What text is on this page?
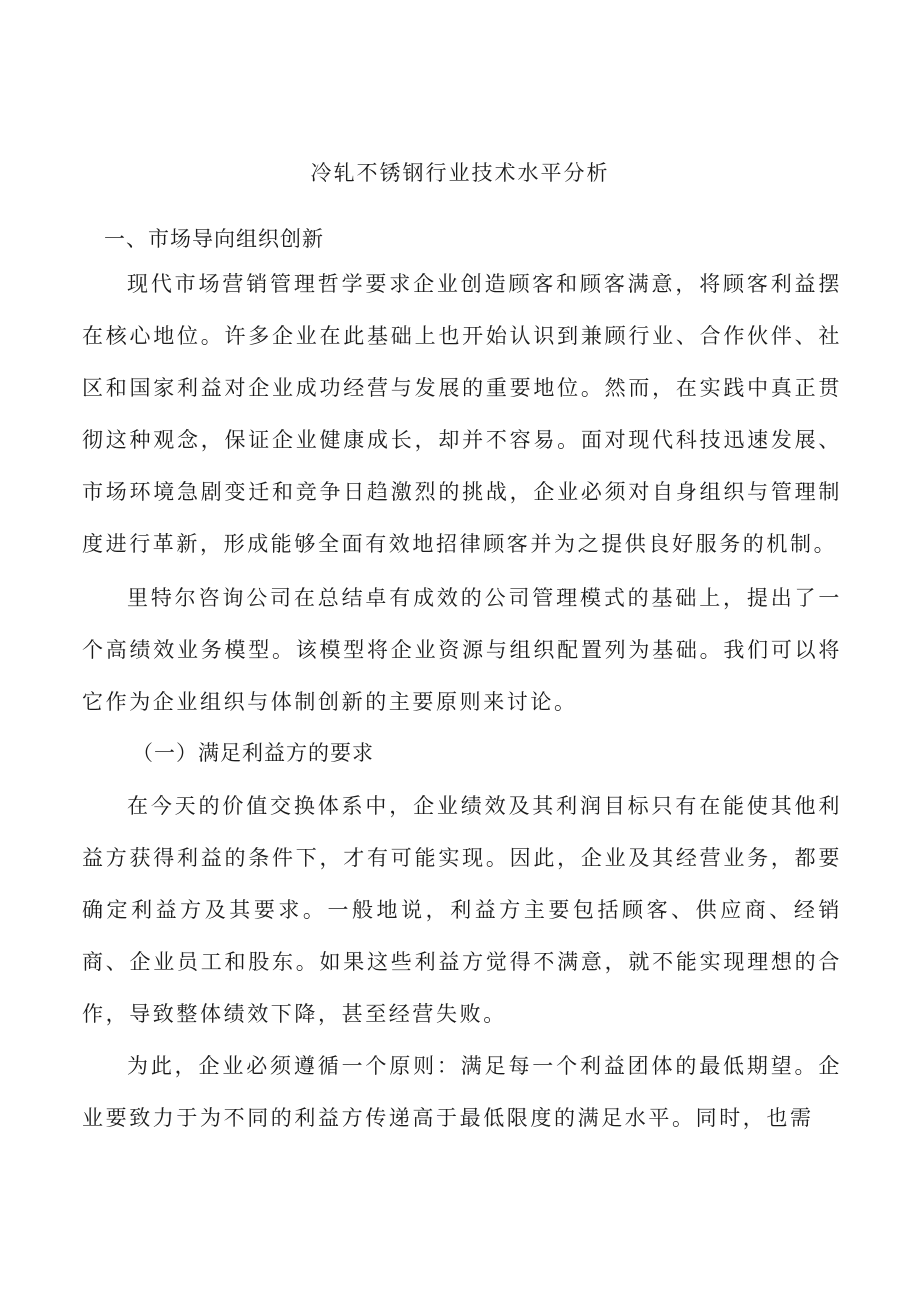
冷轧不锈钢行业技术水平分析
一、市场导向组织创新

现代市场营销管理哲学要求企业创造顾客和顾客满意，将顾客利益摆在核心地位。许多企业在此基础上也开始认识到兼顾行业、合作伙伴、社区和国家利益对企业成功经营与发展的重要地位。然而，在实践中真正贯彻这种观念，保证企业健康成长，却并不容易。面对现代科技迅速发展、市场环境急剧变迁和竞争日趋激烈的挑战，企业必须对自身组织与管理制度进行革新，形成能够全面有效地招律顾客并为之提供良好服务的机制。

里特尔咨询公司在总结卓有成效的公司管理模式的基础上，提出了一个高绩效业务模型。该模型将企业资源与组织配置列为基础。我们可以将它作为企业组织与体制创新的主要原则来讨论。

（一）满足利益方的要求

在今天的价值交换体系中，企业绩效及其利润目标只有在能使其他利益方获得利益的条件下，才有可能实现。因此，企业及其经营业务，都要确定利益方及其要求。一般地说，利益方主要包括顾客、供应商、经销商、企业员工和股东。如果这些利益方觉得不满意，就不能实现理想的合作，导致整体绩效下降，甚至经营失败。

为此，企业必须遵循一个原则：满足每一个利益团体的最低期望。企业要致力于为不同的利益方传递高于最低限度的满足水平。同时，也需
